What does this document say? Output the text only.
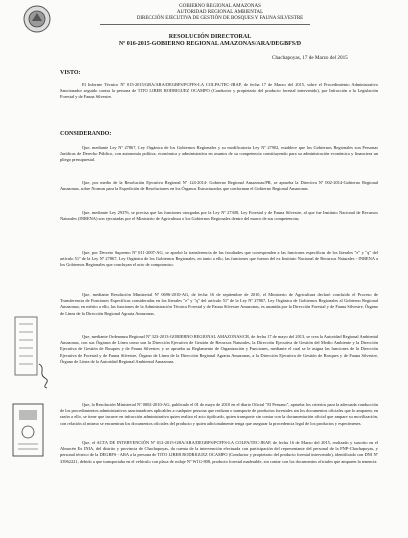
GOBIERNO REGIONAL AMAZONAS
AUTORIDAD REGIONAL AMBIENTAL
DIRECCIÓN EJECUTIVA DE GESTIÓN DE BOSQUES Y FAUNA SILVESTRE
RESOLUCIÓN DIRECTORAL
Nº 016-2015-GOBIERNO REGIONAL AMAZONAS/ARA/DEGBFS/D
Chachapoyas, 17 de Marzo del 2015
VISTO:
El Informe Técnico Nº 015-2015/GRA/ARA/DEGBFS/PCFFS-LA COLPA/TEC-JRAP, de fecha 17 de Marzo del 2015, sobre el Procedimiento Administrativo Sancionador seguido contra la persona de TITO LIBER RODRIGUEZ OCAMPO (Conductor y propietario del producto forestal intervenido), por Infracción a la Legislación Forestal y de Fauna Silvestre.
CONSIDERANDO:
Que, mediante Ley Nº 27867, Ley Orgánica de los Gobiernos Regionales y su modificatoria Ley Nº 27902, establece que los Gobiernos Regionales son Personas Jurídicas de Derecho Público, con autonomía política, económica y administrativa en asuntos de su competencia constituyendo para su administración económica y financiera un pliego presupuestal.
Que, por medio de la Resolución Ejecutiva Regional Nº 124-2014- Gobierno Regional Amazonas/PR, se aprueba la Directiva Nº 002-2014-Gobierno Regional Amazonas, sobre Normas para la Expedición de Resoluciones en los Órganos Estructurados que conforman el Gobierno Regional Amazonas.
Que, mediante Ley 29376, se precisa que las funciones otorgadas por la Ley Nº 27308, Ley Forestal y de Fauna Silvestre, al que fue Instituto Nacional de Recursos Naturales (INRENA) son ejecutadas por el Ministerio de Agricultura o los Gobiernos Regionales dentro del marco de sus competencias;
Que, por Decreto Supremo Nº 011-2007-AG, se aprobó la transferencia de las facultades que corresponden a las funciones específicas de los literales "e" y "q" del artículo 51º de la Ley Nº 27867, Ley Orgánica de los Gobiernos Regionales, en tanto a ello, las funciones que fueron del ex Instituto Nacional de Recursos Naturales - INRENA a los Gobiernos Regionales que concluyan el acto de compromiso.
Que, mediante Resolución Ministerial Nº 0696-2010-AG, de fecha 16 de septiembre de 2010, el Ministerio de Agricultura declaró concluido el Proceso de Transferencia de Funciones Específicas consideradas en los literales "e" y "q" del artículo 51º de la Ley Nº 27867, Ley Orgánica de Gobiernos Regionales al Gobierno Regional Amazonas; en mérito a ello, las funciones de la Administración Técnica Forestal y de Fauna Silvestre Amazonas, es asumida por la Dirección Forestal y de Fauna Silvestre, Órgano de Línea de la Dirección Regional Agraria Amazonas.
Que, mediante Ordenanza Regional Nº 323-2013-GOBIERNO REGIONAL AMAZONAS/CR, de fecha 17 de mayo del 2013, se crea la Autoridad Regional Ambiental Amazonas, con sus Órganos de Línea como son la Dirección Ejecutiva de Gestión de Recursos Naturales, la Dirección Ejecutiva de Gestión del Medio Ambiente y la Dirección Ejecutiva de Gestión de Bosques y de Fauna Silvestre; y se aprueba su Reglamento de Organización y Funciones, mediante el cual se le asigna las funciones de la Dirección Ejecutiva de Forestal y de Fauna Silvestre, Órgano de Línea de la Dirección Regional Agraria Amazonas, a la Dirección Ejecutiva de Gestión de Bosques y de Fauna Silvestre, Órgano de Línea de la Autoridad Regional Ambiental Amazonas.
Que, la Resolución Ministerial Nº 0002-2010-AG, publicado el 01 de mayo de 2010 en el diario Oficial "El Peruano", aprueba los criterios para la adecuada conducción de los procedimientos administrativos sancionadores aplicables a cualquier persona que realizan o transporte de productos forestales sin los documentos oficiales que lo amparen; en razón a ello, se tiene que incurre en infracción administrativa quien realiza el acto tipificado, quien transporte sin contar con la documentación oficial que ampare su movilización, con relación al mismo se encuentran los documentos oficiales del producto y quien adicionalmente tenga que asegurar la procedencia legal de los productos y especímenes.
Que, el ACTA DE INTERVENCIÓN Nº 012-2015-GRA/ARA/DEGBFS/PCFFS-LA COLPA/TEC-JRAP, de fecha 16 de Marzo del 2015, realizado y suscrito en el Almacén Ex INIA, del distrito y provincia de Chachapoyas, da cuenta de la intervención efectuada con participación del representante del personal de la PNP-Chachapoyas, y personal técnico de la DEGBFS - ARA a la persona de TITO LIBER RODRIGUEZ OCAMPO (Conductor y propietario del producto forestal intervenido), identificado con DNI Nº 33962221, debido a que transportaba en el vehículo con placa de rodaje Nº W1G-808, producto forestal maderable, sin contar con los documentos oficiales que amparen la tenencia
